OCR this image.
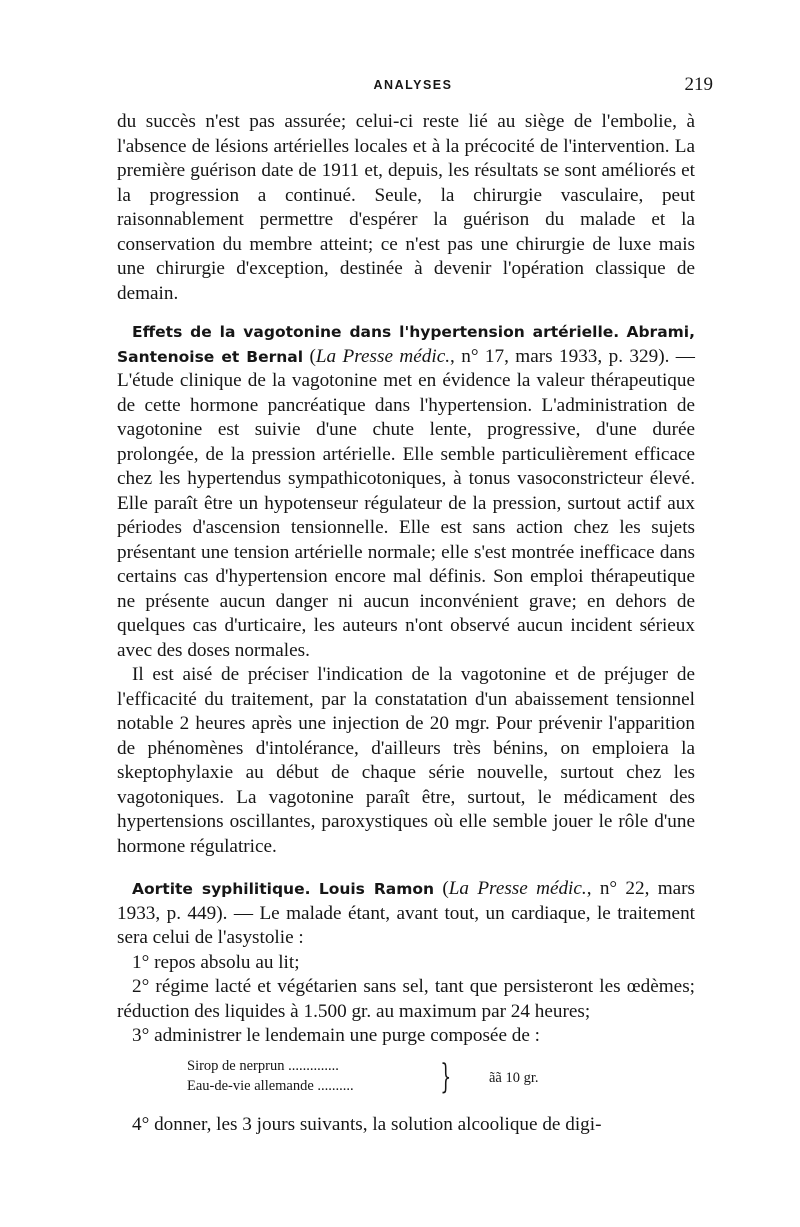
ANALYSES	219

du succès n'est pas assurée; celui-ci reste lié au siège de l'embolie, à l'absence de lésions artérielles locales et à la précocité de l'intervention. La première guérison date de 1911 et, depuis, les résultats se sont améliorés et la progression a continué. Seule, la chirurgie vasculaire, peut raisonnablement permettre d'espérer la guérison du malade et la conservation du membre atteint; ce n'est pas une chirurgie de luxe mais une chirurgie d'exception, destinée à devenir l'opération classique de demain.

Effets de la vagotonine dans l'hypertension artérielle. Abrami, Santenoise et Bernal (La Presse médic., n° 17, mars 1933, p. 329). — L'étude clinique de la vagotonine met en évidence la valeur thérapeutique de cette hormone pancréatique dans l'hypertension. L'administration de vagotonine est suivie d'une chute lente, progressive, d'une durée prolongée, de la pression artérielle. Elle semble particulièrement efficace chez les hypertendus sympathicotoniques, à tonus vasoconstricteur élevé. Elle paraît être un hypotenseur régulateur de la pression, surtout actif aux périodes d'ascension tensionnelle. Elle est sans action chez les sujets présentant une tension artérielle normale; elle s'est montrée inefficace dans certains cas d'hypertension encore mal définis. Son emploi thérapeutique ne présente aucun danger ni aucun inconvénient grave; en dehors de quelques cas d'urticaire, les auteurs n'ont observé aucun incident sérieux avec des doses normales.

Il est aisé de préciser l'indication de la vagotonine et de préjuger de l'efficacité du traitement, par la constatation d'un abaissement tensionnel notable 2 heures après une injection de 20 mgr. Pour prévenir l'apparition de phénomènes d'intolérance, d'ailleurs très bénins, on emploiera la skeptophylaxie au début de chaque série nouvelle, surtout chez les vagotoniques. La vagotonine paraît être, surtout, le médicament des hypertensions oscillantes, paroxystiques où elle semble jouer le rôle d'une hormone régulatrice.

Aortite syphilitique. Louis Ramon (La Presse médic., n° 22, mars 1933, p. 449). — Le malade étant, avant tout, un cardiaque, le traitement sera celui de l'asystolie :

1° repos absolu au lit;

2° régime lacté et végétarien sans sel, tant que persisteront les œdèmes; réduction des liquides à 1.500 gr. au maximum par 24 heures;

3° administrer le lendemain une purge composée de :

Sirop de nerprun ..............
Eau-de-vie allemande ..........	}	ãã 10 gr.

4° donner, les 3 jours suivants, la solution alcoolique de digi-
